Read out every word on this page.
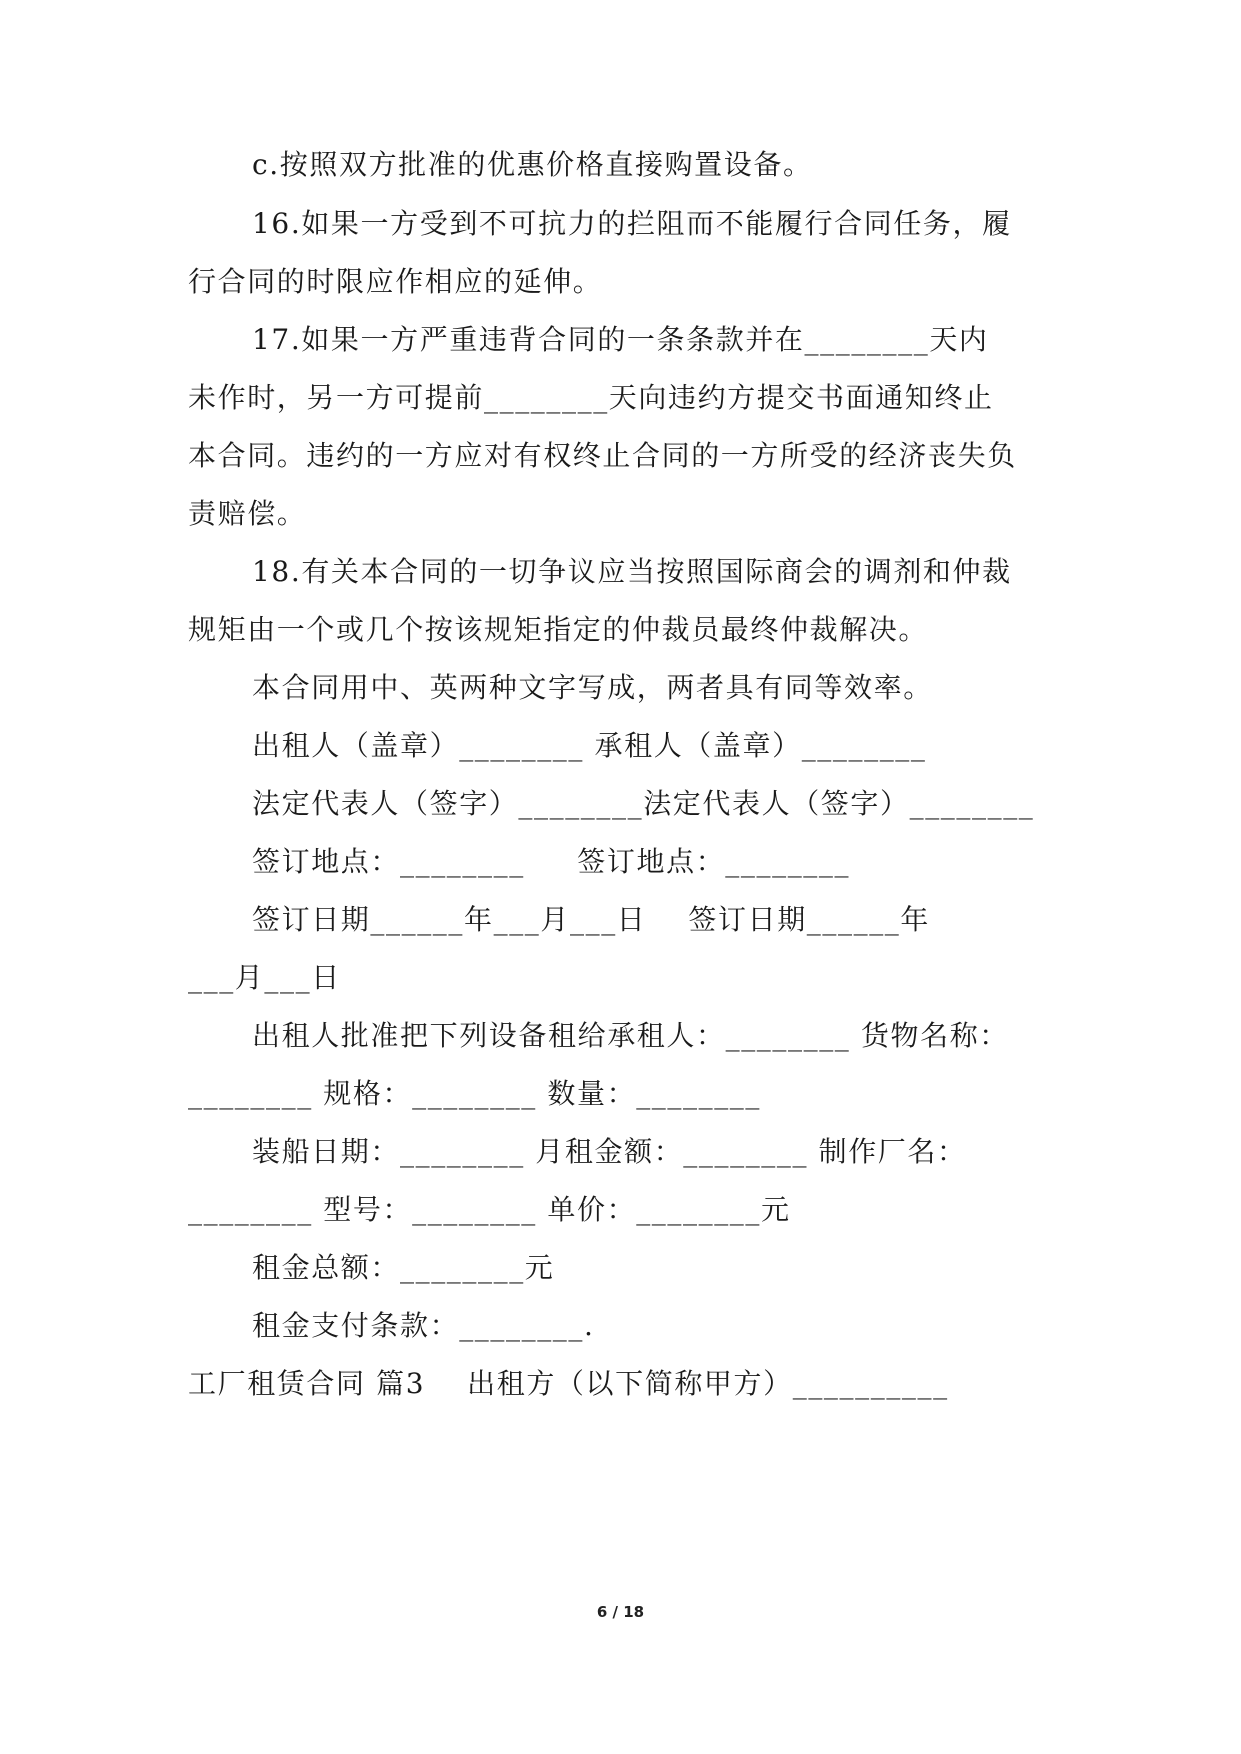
c.按照双方批准的优惠价格直接购置设备。
16.如果一方受到不可抗力的拦阻而不能履行合同任务，履
行合同的时限应作相应的延伸。
17.如果一方严重违背合同的一条条款并在________天内
未作时，另一方可提前________天向违约方提交书面通知终止
本合同。违约的一方应对有权终止合同的一方所受的经济丧失负
责赔偿。
18.有关本合同的一切争议应当按照国际商会的调剂和仲裁
规矩由一个或几个按该规矩指定的仲裁员最终仲裁解决。
本合同用中、英两种文字写成，两者具有同等效率。
出租人（盖章）________ 承租人（盖章）________
法定代表人（签字）________法定代表人（签字）________
签订地点：________     签订地点：________
签订日期______年___月___日    签订日期______年
___月___日
出租人批准把下列设备租给承租人：________ 货物名称：
________ 规格：________ 数量：________
装船日期：________ 月租金额：________ 制作厂名：
________ 型号：________ 单价：________元
租金总额：________元
租金支付条款：________.
工厂租赁合同 篇3    出租方（以下简称甲方）__________
6 / 18
